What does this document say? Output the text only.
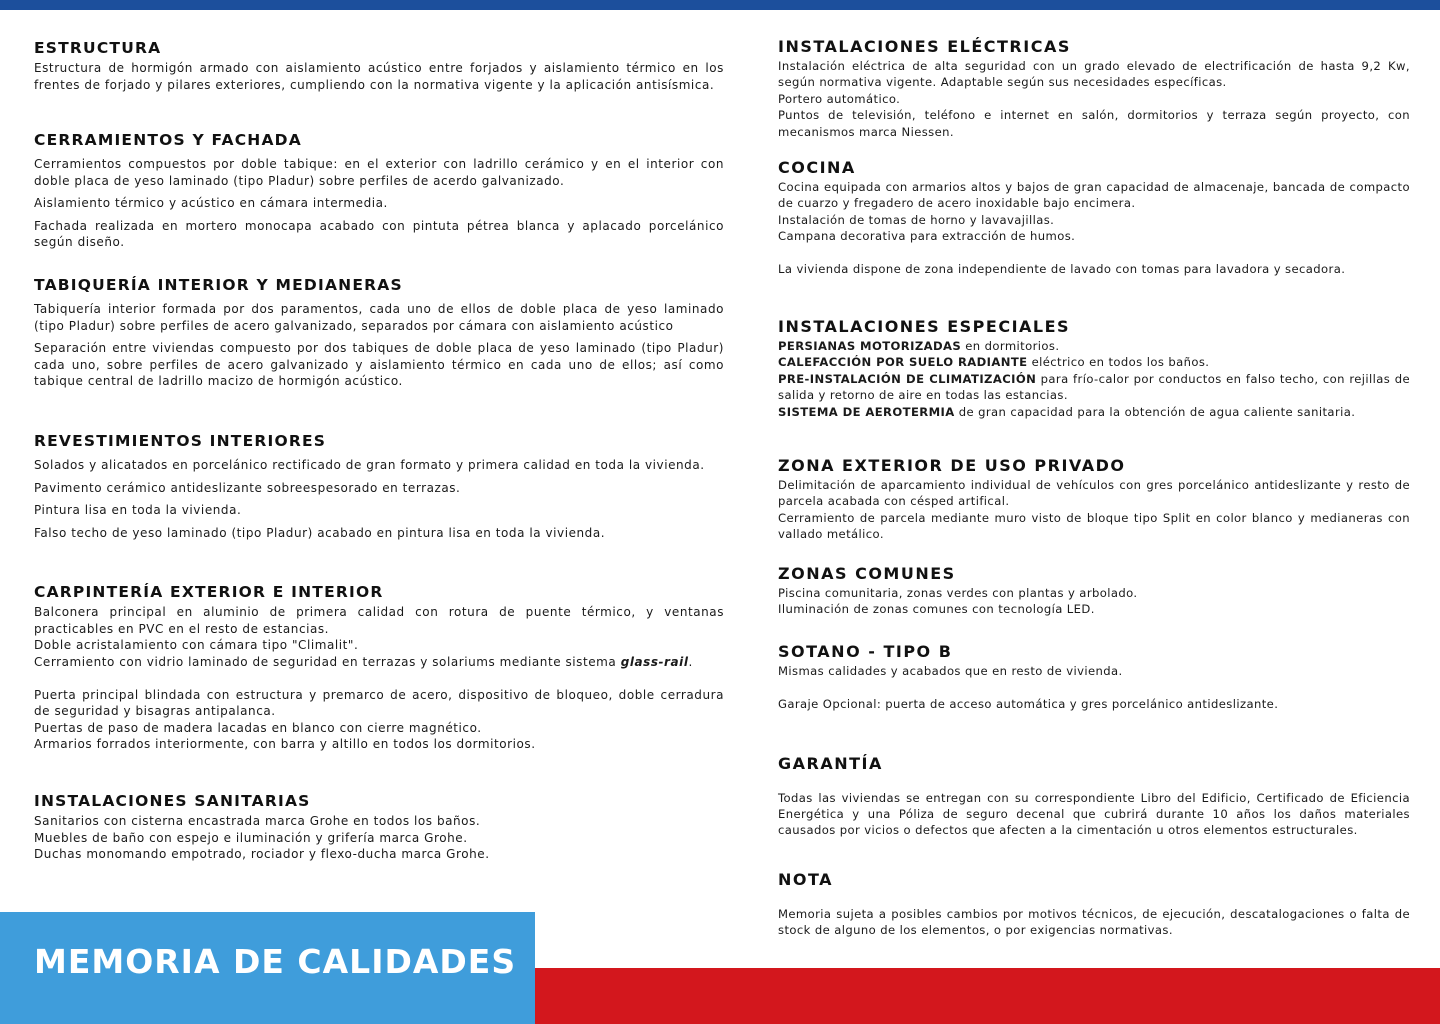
ESTRUCTURA

Estructura de hormigón armado con aislamiento acústico entre forjados y aislamiento térmico en los frentes de forjado y pilares exteriores, cumpliendo con la normativa vigente y la aplicación antisísmica.

CERRAMIENTOS Y FACHADA

Cerramientos compuestos por doble tabique: en el exterior con ladrillo cerámico y en el interior con doble placa de yeso laminado (tipo Pladur) sobre perfiles de acerdo galvanizado.

Aislamiento térmico y acústico en cámara intermedia.

Fachada realizada en mortero monocapa acabado con pintuta pétrea blanca y aplacado porcelánico según diseño.

TABIQUERÍA INTERIOR Y MEDIANERAS

Tabiquería interior formada por dos paramentos, cada uno de ellos de doble placa de yeso laminado (tipo Pladur) sobre perfiles de acero galvanizado, separados por cámara con aislamiento acústico

Separación entre viviendas compuesto por dos tabiques de doble placa de yeso laminado (tipo Pladur) cada uno, sobre perfiles de acero galvanizado y aislamiento térmico en cada uno de ellos; así como tabique central de ladrillo macizo de hormigón acústico.

REVESTIMIENTOS INTERIORES

Solados y alicatados en porcelánico rectificado de gran formato y primera calidad en toda la vivienda.

Pavimento cerámico antideslizante sobreespesorado en terrazas.

Pintura lisa en toda la vivienda.

Falso techo de yeso laminado (tipo Pladur) acabado en pintura lisa en toda la vivienda.

CARPINTERÍA EXTERIOR E INTERIOR

Balconera principal en aluminio de primera calidad con rotura de puente térmico, y ventanas practicables en PVC en el resto de estancias.

Doble acristalamiento con cámara tipo "Climalit".

Cerramiento con vidrio laminado de seguridad en terrazas y solariums mediante sistema glass-rail.

Puerta principal blindada con estructura y premarco de acero, dispositivo de bloqueo, doble cerradura de seguridad y bisagras antipalanca.

Puertas de paso de madera lacadas en blanco con cierre magnético.

Armarios forrados interiormente, con barra y altillo en todos los dormitorios.

INSTALACIONES SANITARIAS

Sanitarios con cisterna encastrada marca Grohe en todos los baños.

Muebles de baño con espejo e iluminación y grifería marca Grohe.

Duchas monomando empotrado, rociador y flexo-ducha marca Grohe.

INSTALACIONES ELÉCTRICAS

Instalación eléctrica de alta seguridad con un grado elevado de electrificación de hasta 9,2 Kw, según normativa vigente. Adaptable según sus necesidades específicas.

Portero automático.

Puntos de televisión, teléfono e internet en salón, dormitorios y terraza según proyecto, con mecanismos marca Niessen.

COCINA

Cocina equipada con armarios altos y bajos de gran capacidad de almacenaje, bancada de compacto de cuarzo y fregadero de acero inoxidable bajo encimera.

Instalación de tomas de horno y lavavajillas.

Campana decorativa para extracción de humos.

La vivienda dispone de zona independiente de lavado con tomas para lavadora y secadora.

INSTALACIONES ESPECIALES

PERSIANAS MOTORIZADAS en dormitorios.

CALEFACCIÓN POR SUELO RADIANTE eléctrico en todos los baños.

PRE-INSTALACIÓN DE CLIMATIZACIÓN para frío-calor por conductos en falso techo, con rejillas de salida y retorno de aire en todas las estancias.

SISTEMA DE AEROTERMIA de gran capacidad para la obtención de agua caliente sanitaria.

ZONA EXTERIOR DE USO PRIVADO

Delimitación de aparcamiento individual de vehículos con gres porcelánico antideslizante y resto de parcela acabada con césped artifical.

Cerramiento de parcela mediante muro visto de bloque tipo Split en color blanco y medianeras con vallado metálico.

ZONAS COMUNES

Piscina comunitaria, zonas verdes con plantas y arbolado.

Iluminación de zonas comunes con tecnología LED.

SOTANO - TIPO B

Mismas calidades y acabados que en resto de vivienda.

Garaje Opcional: puerta de acceso automática y gres porcelánico antideslizante.

GARANTÍA

Todas las viviendas se entregan con su correspondiente Libro del Edificio, Certificado de Eficiencia Energética y una Póliza de seguro decenal que cubrirá durante 10 años los daños materiales causados por vicios o defectos que afecten a la cimentación u otros elementos estructurales.

NOTA

Memoria sujeta a posibles cambios por motivos técnicos, de ejecución, descatalogaciones o falta de stock de alguno de los elementos, o por exigencias normativas.

MEMORIA DE CALIDADES
